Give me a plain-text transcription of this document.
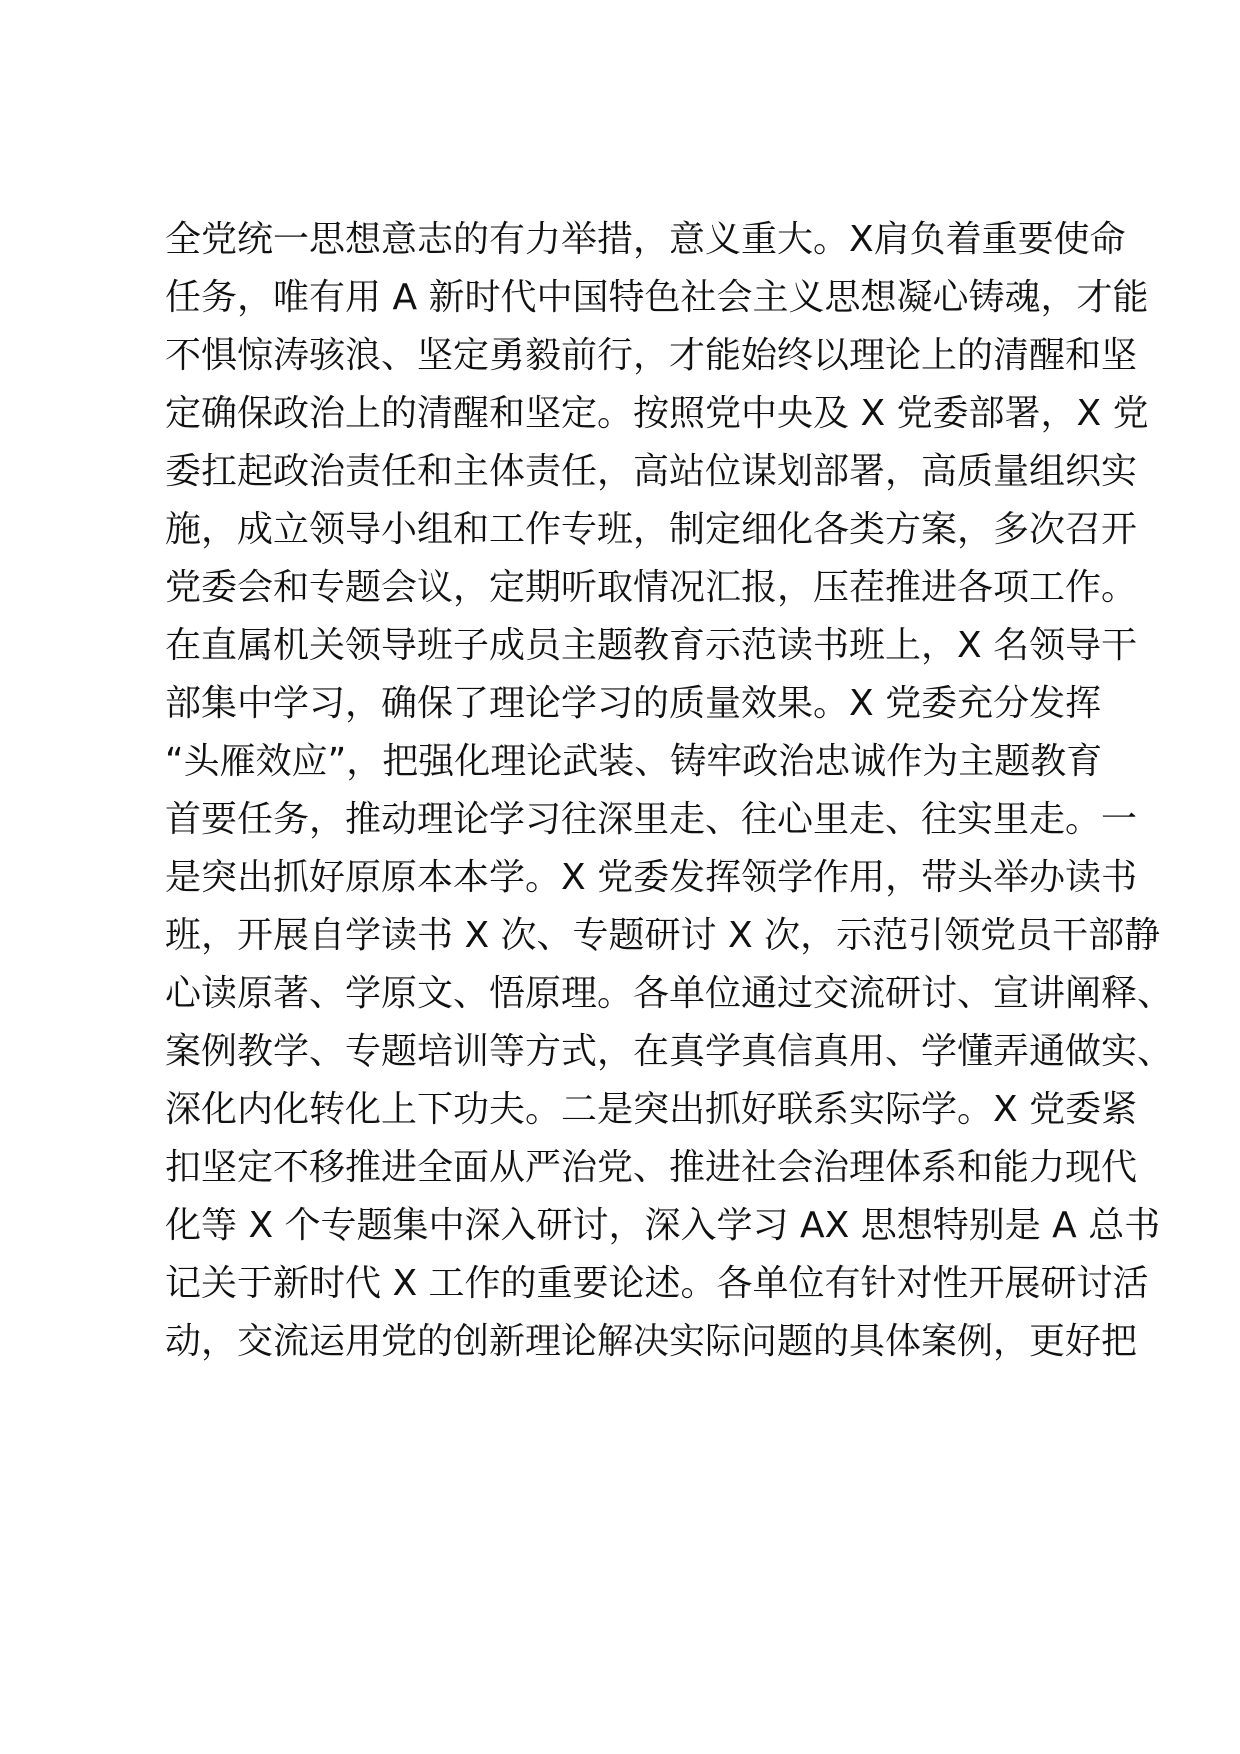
全党统一思想意志的有力举措，意义重大。X肩负着重要使命
任务，唯有用 A 新时代中国特色社会主义思想凝心铸魂，才能
不惧惊涛骇浪、坚定勇毅前行，才能始终以理论上的清醒和坚
定确保政治上的清醒和坚定。按照党中央及 X 党委部署，X 党
委扛起政治责任和主体责任，高站位谋划部署，高质量组织实
施，成立领导小组和工作专班，制定细化各类方案，多次召开
党委会和专题会议，定期听取情况汇报，压茬推进各项工作。
在直属机关领导班子成员主题教育示范读书班上，X 名领导干
部集中学习，确保了理论学习的质量效果。X 党委充分发挥
“头雁效应”，把强化理论武装、铸牢政治忠诚作为主题教育
首要任务，推动理论学习往深里走、往心里走、往实里走。一
是突出抓好原原本本学。X 党委发挥领学作用，带头举办读书
班，开展自学读书 X 次、专题研讨 X 次，示范引领党员干部静
心读原著、学原文、悟原理。各单位通过交流研讨、宣讲阐释、
案例教学、专题培训等方式，在真学真信真用、学懂弄通做实、
深化内化转化上下功夫。二是突出抓好联系实际学。X 党委紧
扣坚定不移推进全面从严治党、推进社会治理体系和能力现代
化等 X 个专题集中深入研讨，深入学习 AX 思想特别是 A 总书
记关于新时代 X 工作的重要论述。各单位有针对性开展研讨活
动，交流运用党的创新理论解决实际问题的具体案例，更好把
